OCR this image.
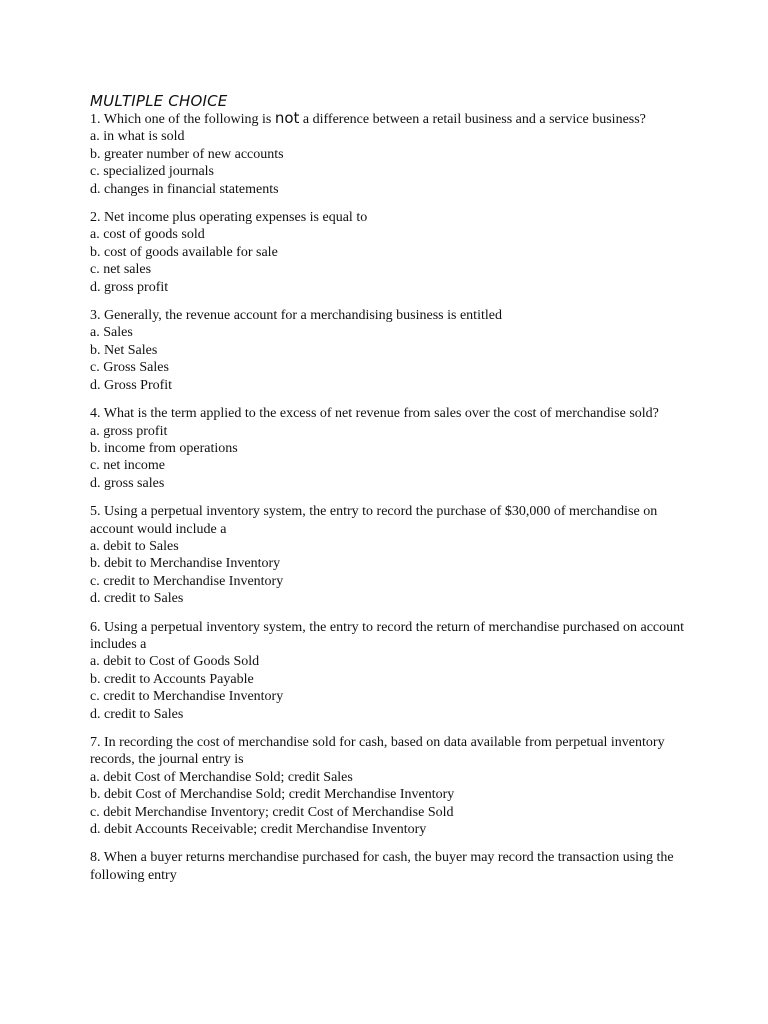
MULTIPLE CHOICE
1. Which one of the following is not a difference between a retail business and a service business?
a. in what is sold
b. greater number of new accounts
c. specialized journals
d. changes in financial statements
2. Net income plus operating expenses is equal to
a. cost of goods sold
b. cost of goods available for sale
c. net sales
d. gross profit
3. Generally, the revenue account for a merchandising business is entitled
a. Sales
b. Net Sales
c. Gross Sales
d. Gross Profit
4. What is the term applied to the excess of net revenue from sales over the cost of merchandise sold?
a. gross profit
b. income from operations
c. net income
d. gross sales
5. Using a perpetual inventory system, the entry to record the purchase of $30,000 of merchandise on account would include a
a. debit to Sales
b. debit to Merchandise Inventory
c. credit to Merchandise Inventory
d. credit to Sales
6. Using a perpetual inventory system, the entry to record the return of merchandise purchased on account includes a
a. debit to Cost of Goods Sold
b. credit to Accounts Payable
c. credit to Merchandise Inventory
d. credit to Sales
7. In recording the cost of merchandise sold for cash, based on data available from perpetual inventory records, the journal entry is
a. debit Cost of Merchandise Sold; credit Sales
b. debit Cost of Merchandise Sold; credit Merchandise Inventory
c. debit Merchandise Inventory; credit Cost of Merchandise Sold
d. debit Accounts Receivable; credit Merchandise Inventory
8. When a buyer returns merchandise purchased for cash, the buyer may record the transaction using the following entry
